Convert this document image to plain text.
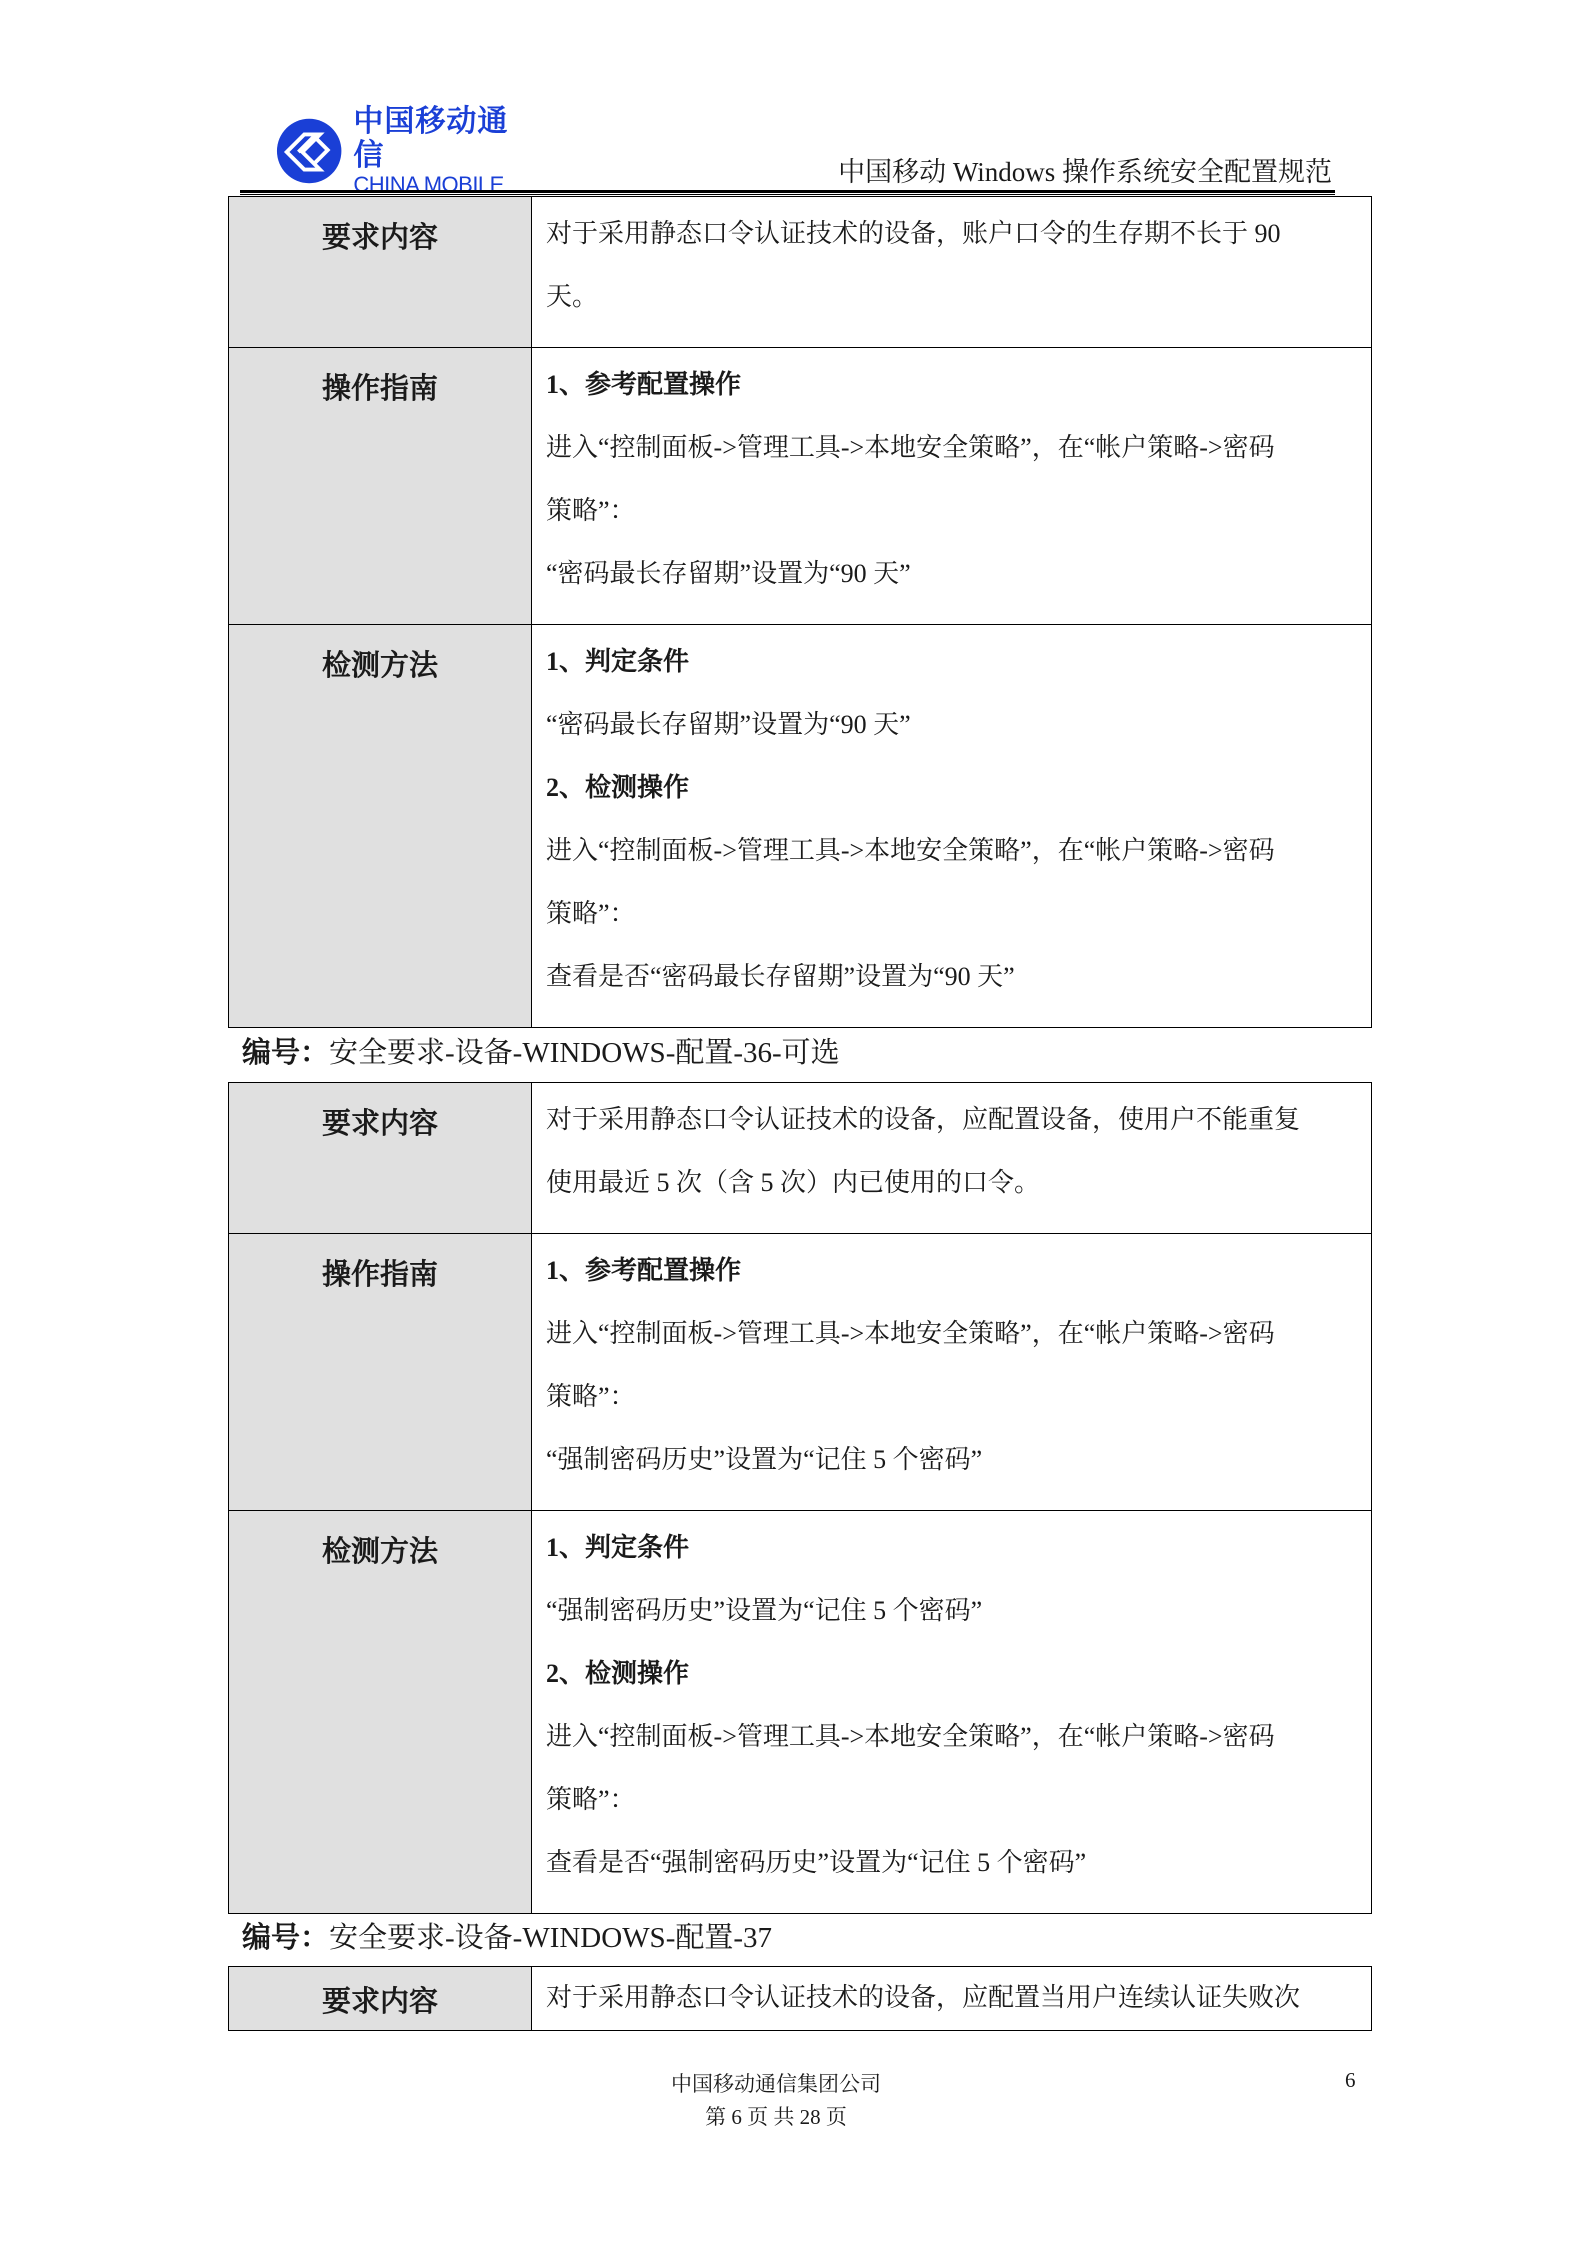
中国移动通信
CHINA MOBILE	中国移动 Windows 操作系统安全配置规范
要求内容	对于采用静态口令认证技术的设备，账户口令的生存期不长于 90
天。

操作指南	1、参考配置操作
进入“控制面板->管理工具->本地安全策略”，在“帐户策略->密码
策略”：
“密码最长存留期”设置为“90 天”

检测方法	1、判定条件
“密码最长存留期”设置为“90 天”
2、检测操作
进入“控制面板->管理工具->本地安全策略”，在“帐户策略->密码
策略”：
查看是否“密码最长存留期”设置为“90 天”
编号：安全要求-设备-WINDOWS-配置-36-可选
要求内容	对于采用静态口令认证技术的设备，应配置设备，使用户不能重复
使用最近 5 次（含 5 次）内已使用的口令。

操作指南	1、参考配置操作
进入“控制面板->管理工具->本地安全策略”，在“帐户策略->密码
策略”：
“强制密码历史”设置为“记住 5 个密码”

检测方法	1、判定条件
“强制密码历史”设置为“记住 5 个密码”
2、检测操作
进入“控制面板->管理工具->本地安全策略”，在“帐户策略->密码
策略”：
查看是否“强制密码历史”设置为“记住 5 个密码”
编号：安全要求-设备-WINDOWS-配置-37
要求内容	对于采用静态口令认证技术的设备，应配置当用户连续认证失败次
中国移动通信集团公司
第 6 页 共 28 页
6
